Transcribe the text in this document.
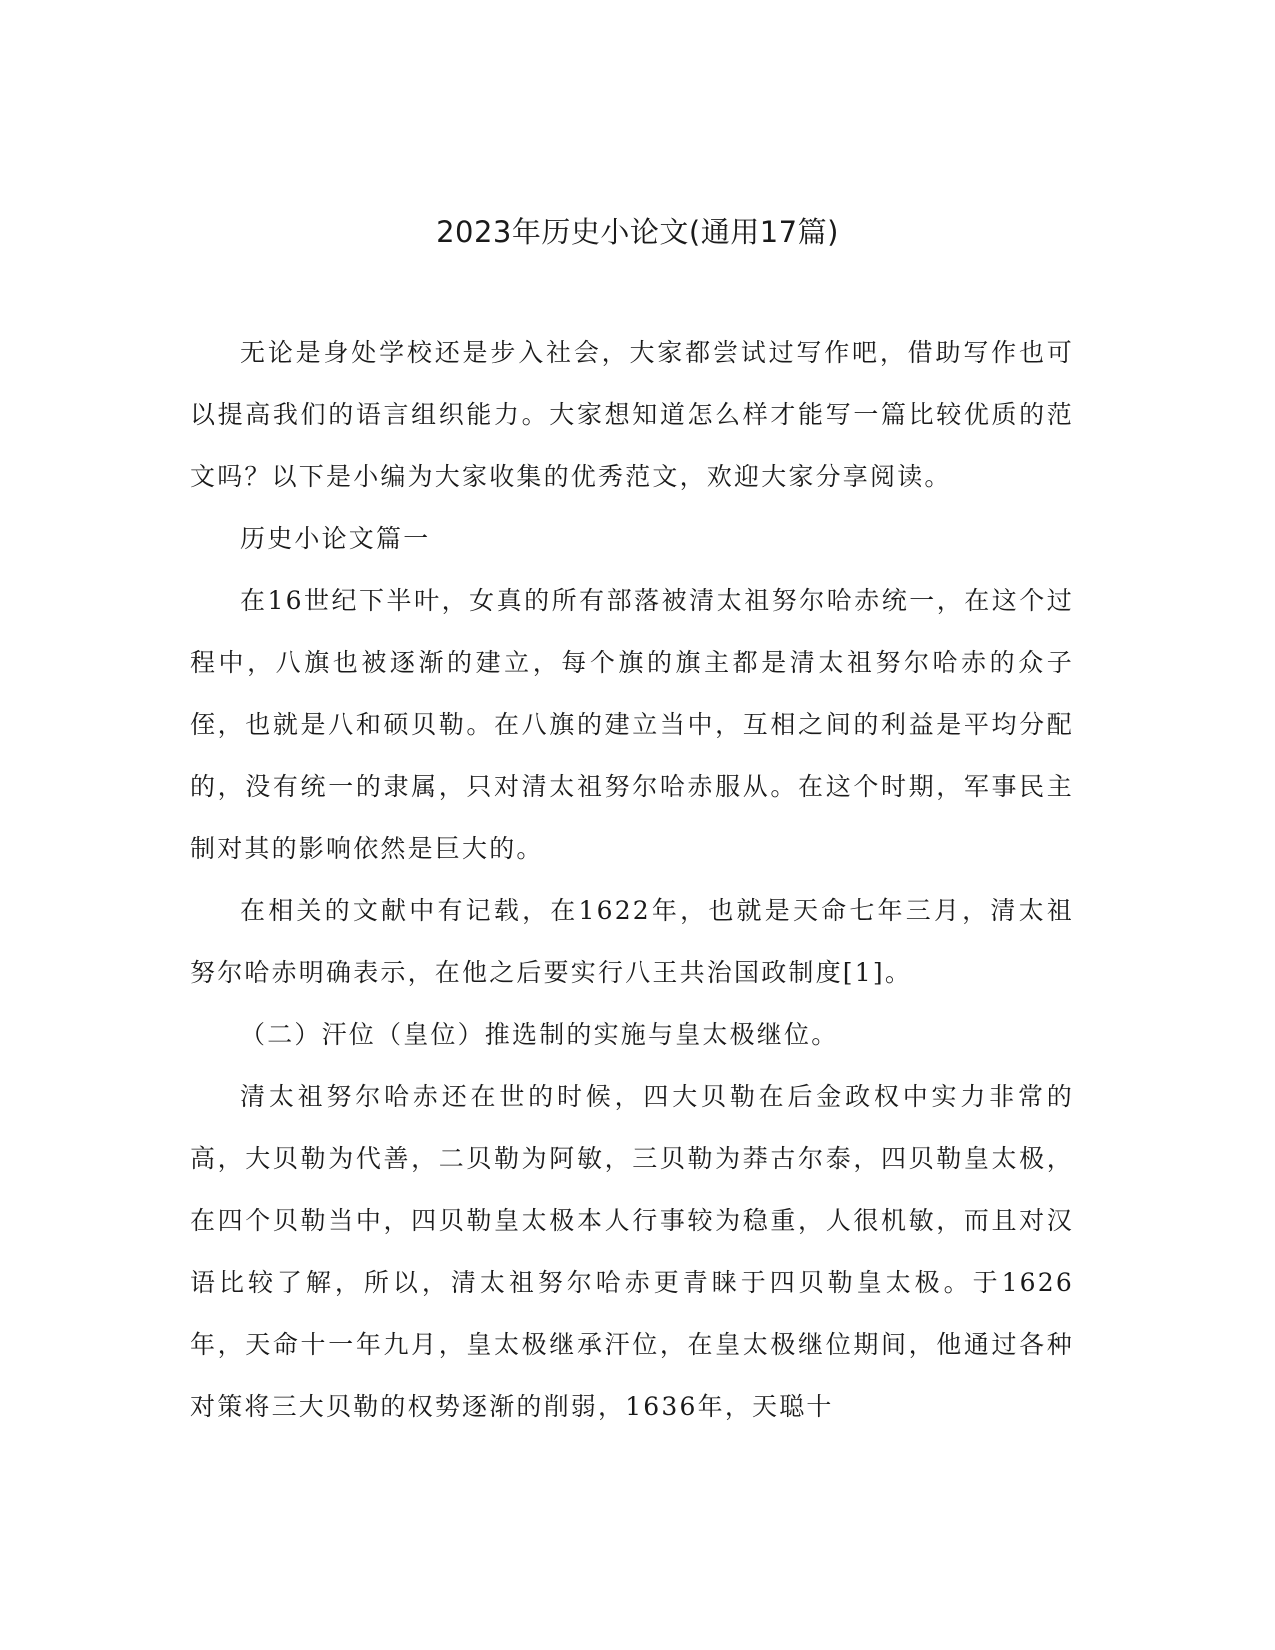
2023年历史小论文(通用17篇)

无论是身处学校还是步入社会，大家都尝试过写作吧，借助写作也可以提高我们的语言组织能力。大家想知道怎么样才能写一篇比较优质的范文吗？以下是小编为大家收集的优秀范文，欢迎大家分享阅读。

历史小论文篇一

在16世纪下半叶，女真的所有部落被清太祖努尔哈赤统一，在这个过程中，八旗也被逐渐的建立，每个旗的旗主都是清太祖努尔哈赤的众子侄，也就是八和硕贝勒。在八旗的建立当中，互相之间的利益是平均分配的，没有统一的隶属，只对清太祖努尔哈赤服从。在这个时期，军事民主制对其的影响依然是巨大的。

在相关的文献中有记载，在1622年，也就是天命七年三月，清太祖努尔哈赤明确表示，在他之后要实行八王共治国政制度[1]。

（二）汗位（皇位）推选制的实施与皇太极继位。

清太祖努尔哈赤还在世的时候，四大贝勒在后金政权中实力非常的高，大贝勒为代善，二贝勒为阿敏，三贝勒为莽古尔泰，四贝勒皇太极，在四个贝勒当中，四贝勒皇太极本人行事较为稳重，人很机敏，而且对汉语比较了解，所以，清太祖努尔哈赤更青睐于四贝勒皇太极。于1626年，天命十一年九月，皇太极继承汗位，在皇太极继位期间，他通过各种对策将三大贝勒的权势逐渐的削弱，1636年，天聪十
